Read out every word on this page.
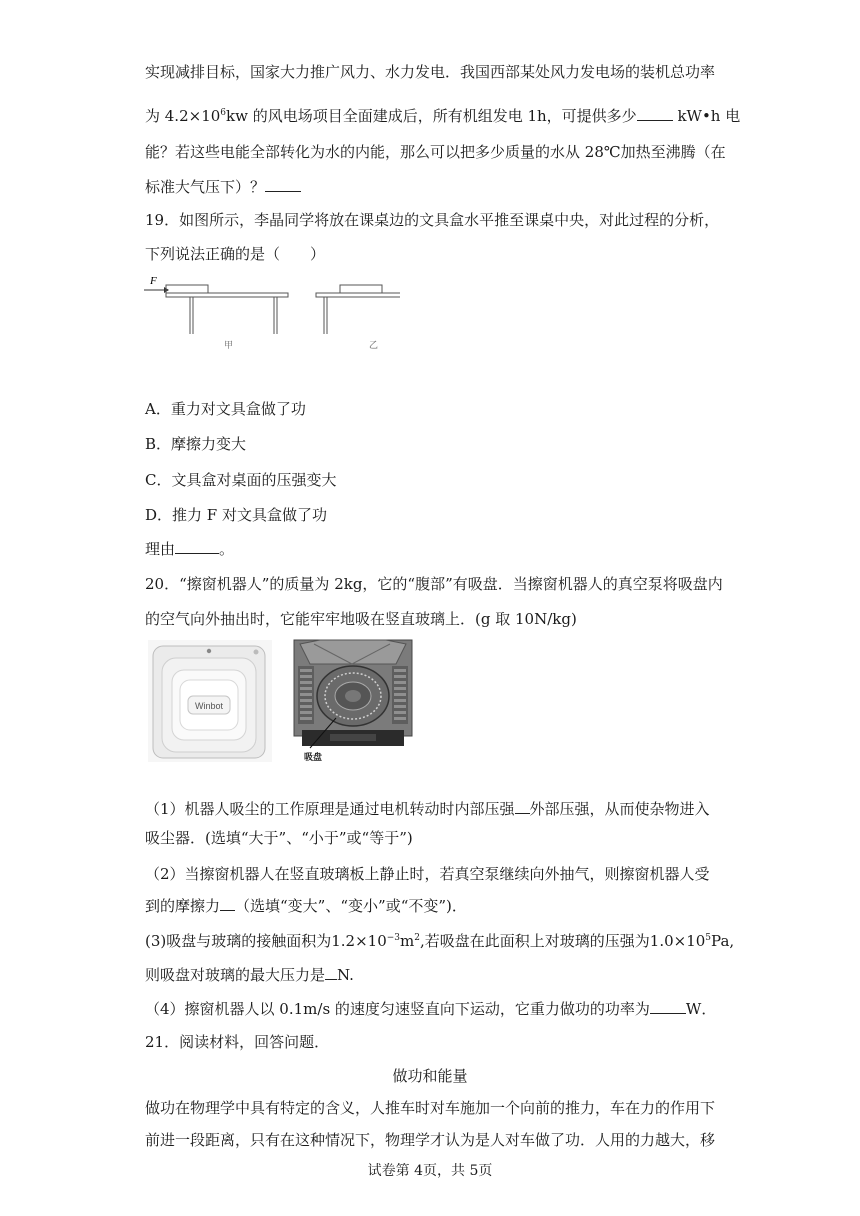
实现减排目标，国家大力推广风力、水力发电．我国西部某处风力发电场的装机总功率
为 $4.2\times 10^6kw$ 的风电场项目全面建成后，所有机组发电 1h，可提供多少 kW•h 电
能？若这些电能全部转化为水的内能，那么可以把多少质量的水从 28℃加热至沸腾（在
标准大气压下）？
19．如图所示，李晶同学将放在课桌边的文具盒水平推至课桌中央，对此过程的分析，
下列说法正确的是（　　）
F
甲	乙
A．重力对文具盒做了功
B．摩擦力变大
C．文具盒对桌面的压强变大
D．推力 F 对文具盒做了功
理由	。
20．“擦窗机器人”的质量为 2kg，它的“腹部”有吸盘．当擦窗机器人的真空泵将吸盘内
的空气向外抽出时，它能牢牢地吸在竖直玻璃上．(g 取 10N/kg)
Winbot
吸盘
（1）机器人吸尘的工作原理是通过电机转动时内部压强 外部压强，从而使杂物进入
吸尘器．(选填“大于”、“小于”或“等于”)
（2）当擦窗机器人在竖直玻璃板上静止时，若真空泵继续向外抽气，则擦窗机器人受
到的摩擦力 （选填“变大”、“变小”或“不变”)．
(3)吸盘与玻璃的接触面积为$1.2\times 10^{-3}m^2$,若吸盘在此面积上对玻璃的压强为$1.0\times 10^5Pa$,
则吸盘对玻璃的最大压力是 N.
（4）擦窗机器人以 0.1m/s 的速度匀速竖直向下运动，它重力做功的功率为 W．
21．阅读材料，回答问题．
做功和能量
做功在物理学中具有特定的含义，人推车时对车施加一个向前的推力，车在力的作用下
前进一段距离，只有在这种情况下，物理学才认为是人对车做了功．人用的力越大，移
试卷第 4页，共 5页
